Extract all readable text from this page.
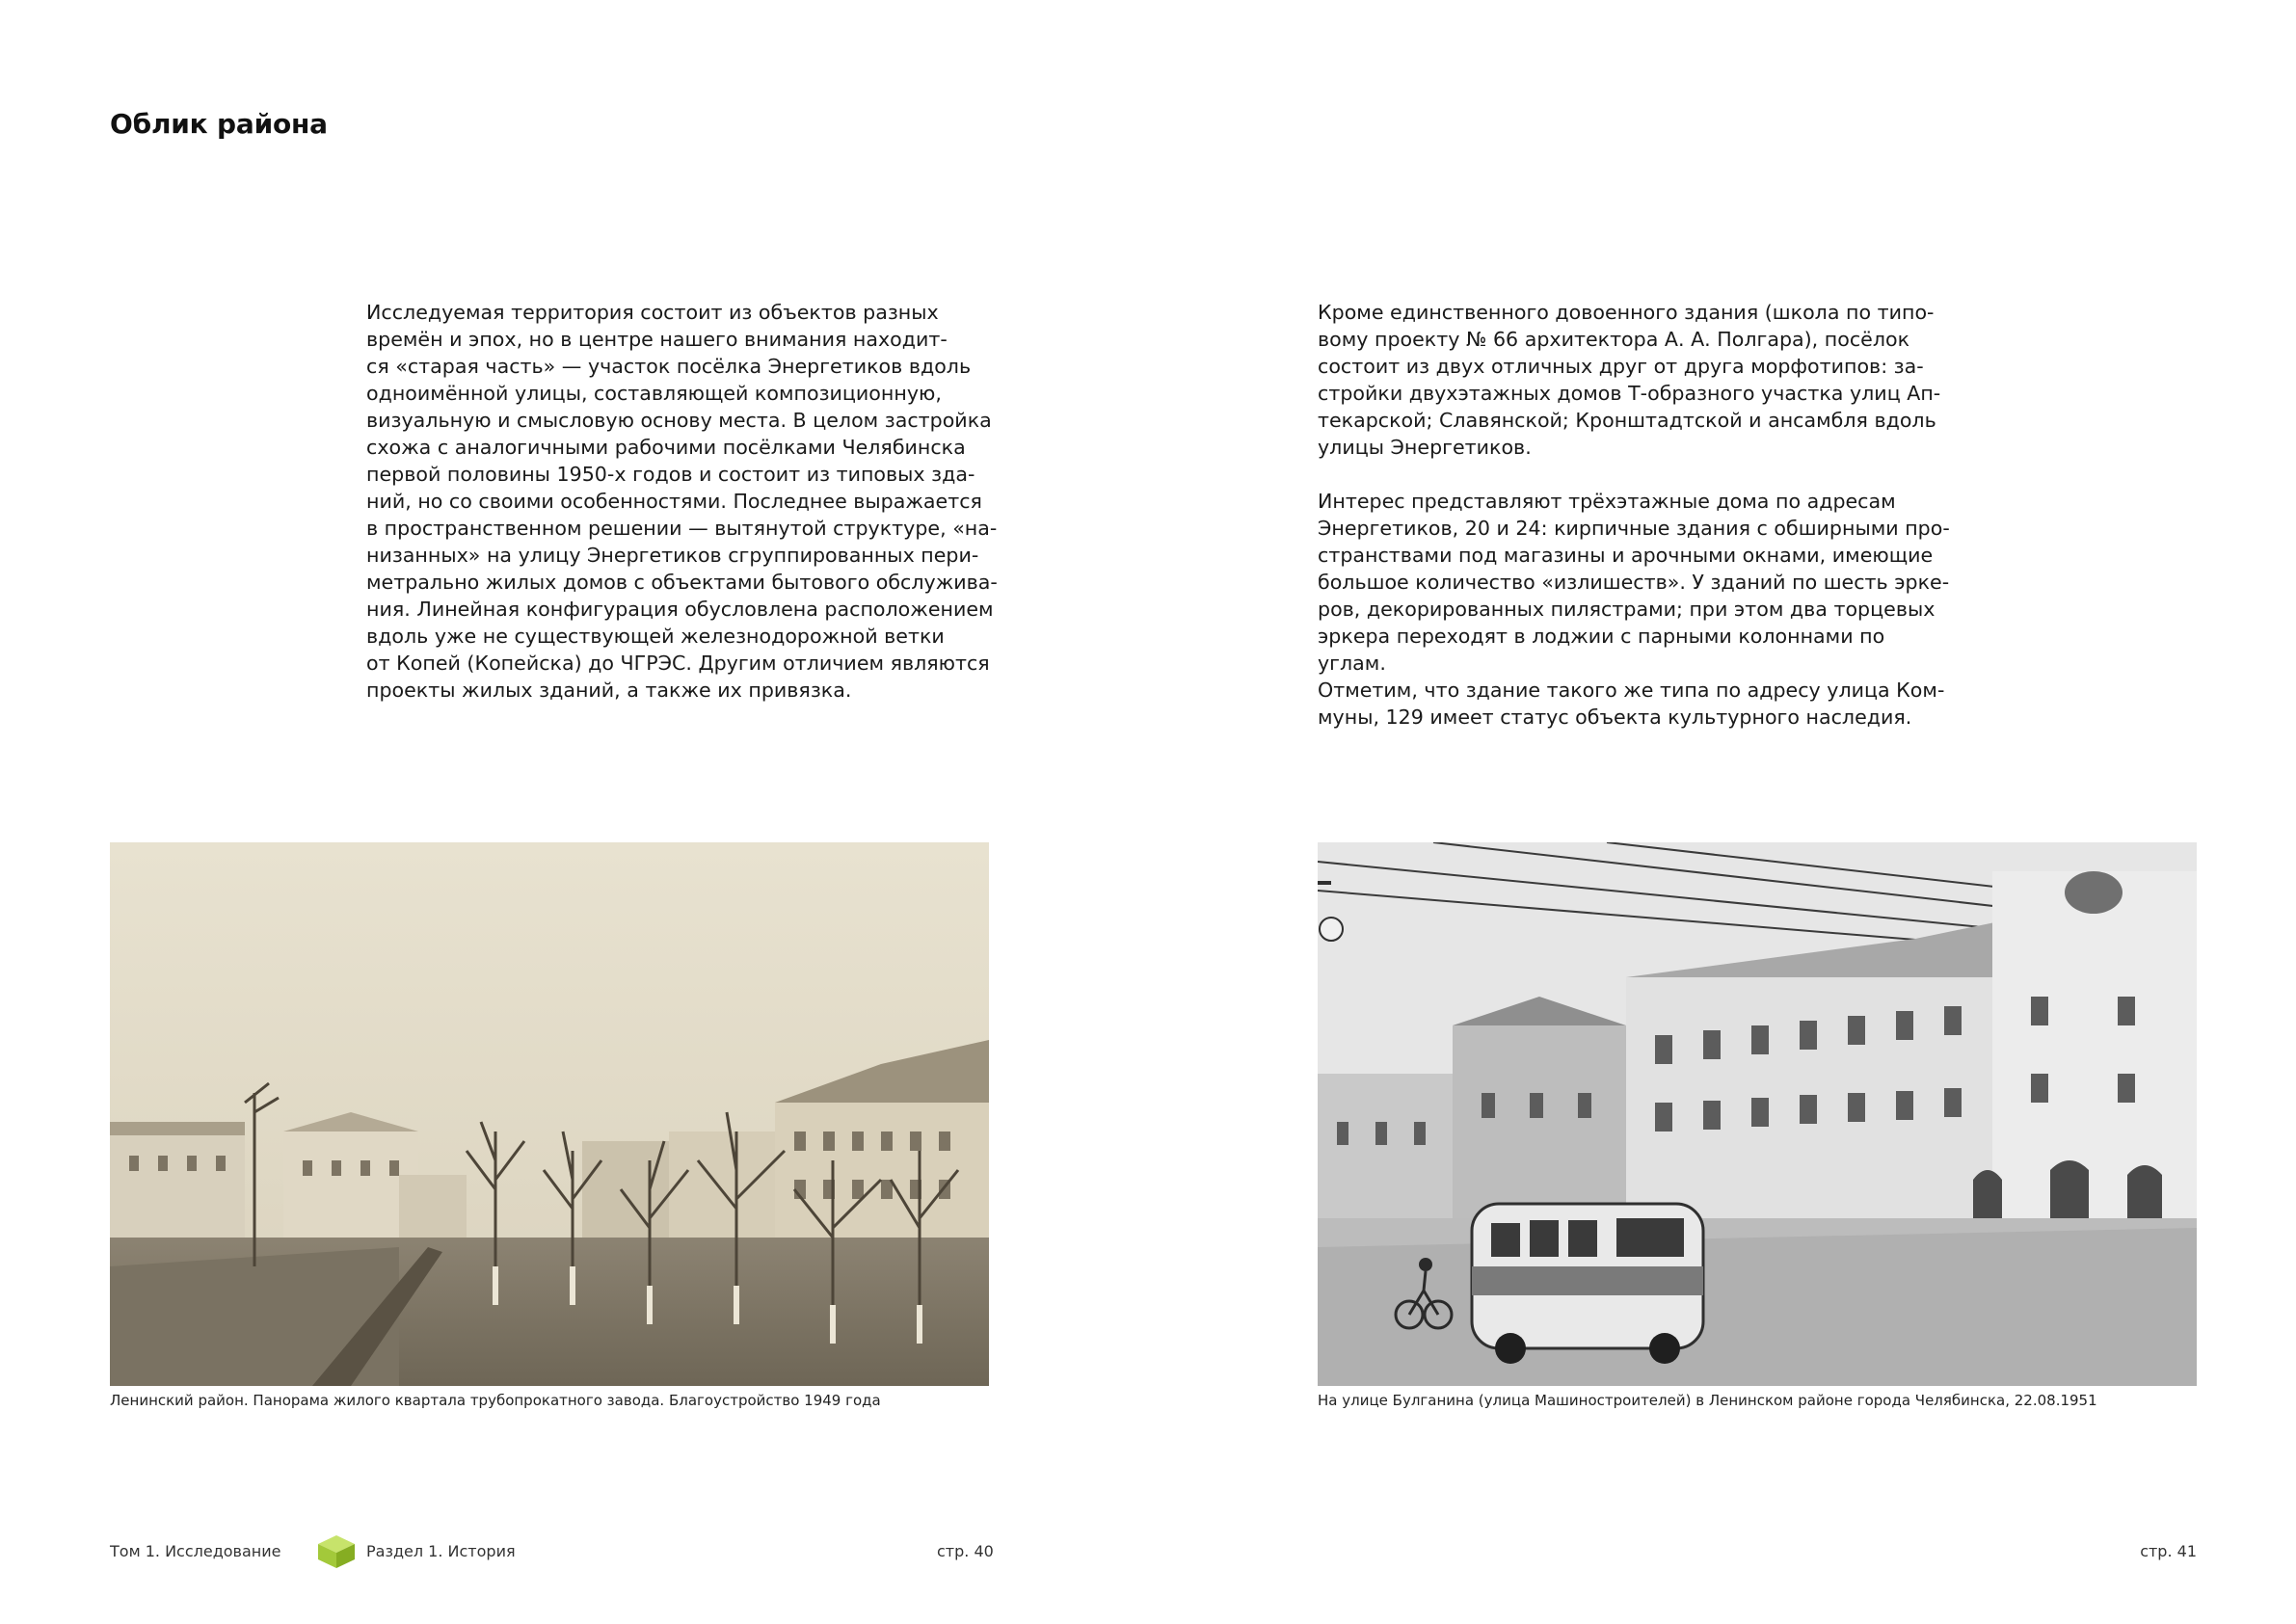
Облик района

Исследуемая территория состоит из объектов разных
времён и эпох, но в центре нашего внимания находит-
ся «старая часть» — участок посёлка Энергетиков вдоль
одноимённой улицы, составляющей композиционную,
визуальную и смысловую основу места. В целом застройка
схожа с аналогичными рабочими посёлками Челябинска
первой половины 1950-х годов и состоит из типовых зда-
ний, но со своими особенностями. Последнее выражается
в пространственном решении — вытянутой структуре, «на-
низанных» на улицу Энергетиков сгруппированных пери-
метрально жилых домов с объектами бытового обслужива-
ния. Линейная конфигурация обусловлена расположением
вдоль уже не существующей железнодорожной ветки
от Копей (Копейска) до ЧГРЭС. Другим отличием являются
проекты жилых зданий, а также их привязка.

Кроме единственного довоенного здания (школа по типо-
вому проекту № 66 архитектора А. А. Полгара), посёлок
состоит из двух отличных друг от друга морфотипов: за-
стройки двухэтажных домов Т-образного участка улиц Ап-
текарской; Славянской; Кронштадтской и ансамбля вдоль
улицы Энергетиков.

Интерес представляют трёхэтажные дома по адресам
Энергетиков, 20 и 24: кирпичные здания с обширными про-
странствами под магазины и арочными окнами, имеющие
большое количество «излишеств». У зданий по шесть эрке-
ров, декорированных пилястрами; при этом два торцевых
эркера переходят в лоджии с парными колоннами по углам.
Отметим, что здание такого же типа по адресу улица Ком-
муны, 129 имеет статус объекта культурного наследия.

Ленинский район. Панорама жилого квартала трубопрокатного завода. Благоустройство 1949 года	На улице Булганина (улица Машиностроителей) в Ленинском районе города Челябинска, 22.08.1951
Том 1. Исследование	Раздел 1. История	стр. 40	стр. 41
